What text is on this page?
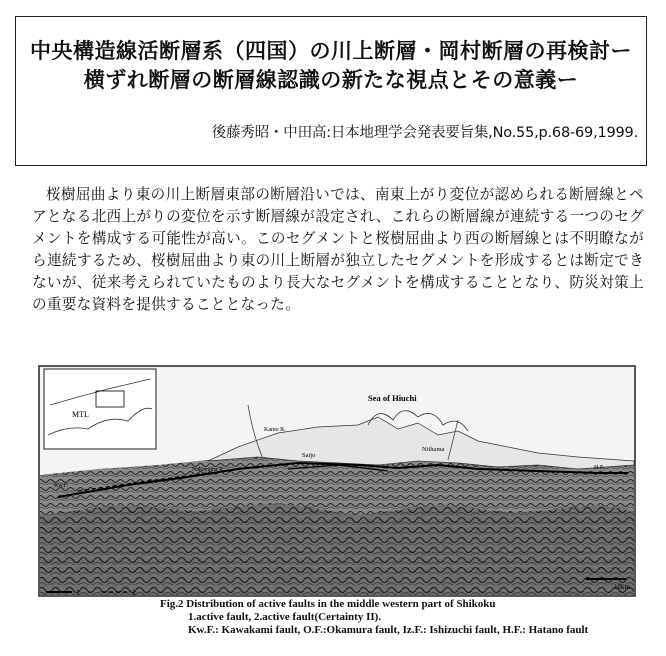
中央構造線活断層系（四国）の川上断層・岡村断層の再検討ー
横ずれ断層の断層線認識の新たな視点とその意義ー
後藤秀昭・中田高:日本地理学会発表要旨集,No.55,p.68-69,1999.
桜樹屈曲より東の川上断層東部の断層沿いでは、南東上がり変位が認められる断層線とペアとなる北西上がりの変位を示す断層線が設定され、これらの断層線が連続する一つのセグメントを構成する可能性が高い。このセグメントと桜樹屈曲より西の断層線とは不明瞭ながら連続するため、桜樹屈曲より東の川上断層が独立したセグメントを形成するとは断定できないが、従来考えられていたものより長大なセグメントを構成することとなり、防災対策上の重要な資料を提供することとなった。
MTL
Sea of Hiuchi
Saijo
Niihama
Kamo R.
Nakayama R.
Kw.F.
H.F.
10km
1	2
Fig.2 Distribution of active faults in the middle western part of Shikoku
1.active fault, 2.active fault(Certainty II).
Kw.F.: Kawakami fault, O.F.:Okamura fault, Iz.F.: Ishizuchi fault, H.F.: Hatano fault
